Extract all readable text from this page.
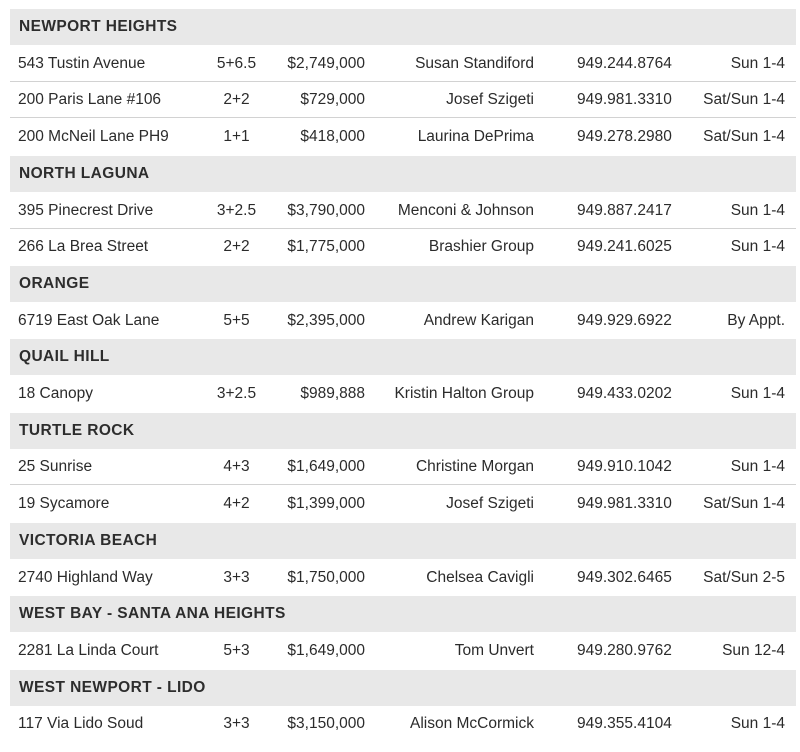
NEWPORT HEIGHTS
543 Tustin Avenue	5+6.5 $2,749,000	Susan Standiford	949.244.8764	Sun 1-4
200 Paris Lane #106	2+2	$729,000	Josef Szigeti	949.981.3310 Sat/Sun 1-4
200 McNeil Lane PH9	1+1	$418,000	Laurina DePrima	949.278.2980 Sat/Sun 1-4
NORTH LAGUNA
395 Pinecrest Drive	3+2.5 $3,790,000 Menconi & Johnson	949.887.2417	Sun 1-4
266 La Brea Street	2+2	$1,775,000	Brashier Group	949.241.6025	Sun 1-4
ORANGE
6719 East Oak Lane	5+5	$2,395,000	Andrew Karigan	949.929.6922	By Appt.
QUAIL HILL
18 Canopy	3+2.5	$989,888 Kristin Halton Group	949.433.0202	Sun 1-4
TURTLE ROCK
25 Sunrise	4+3	$1,649,000	Christine Morgan	949.910.1042	Sun 1-4
19 Sycamore	4+2	$1,399,000	Josef Szigeti	949.981.3310 Sat/Sun 1-4
VICTORIA BEACH
2740 Highland Way	3+3	$1,750,000	Chelsea Cavigli	949.302.6465 Sat/Sun 2-5
WEST BAY - SANTA ANA HEIGHTS
2281 La Linda Court	5+3	$1,649,000	Tom Unvert	949.280.9762	Sun 12-4
WEST NEWPORT - LIDO
117 Via Lido Soud	3+3	$3,150,000	Alison McCormick	949.355.4104	Sun 1-4
